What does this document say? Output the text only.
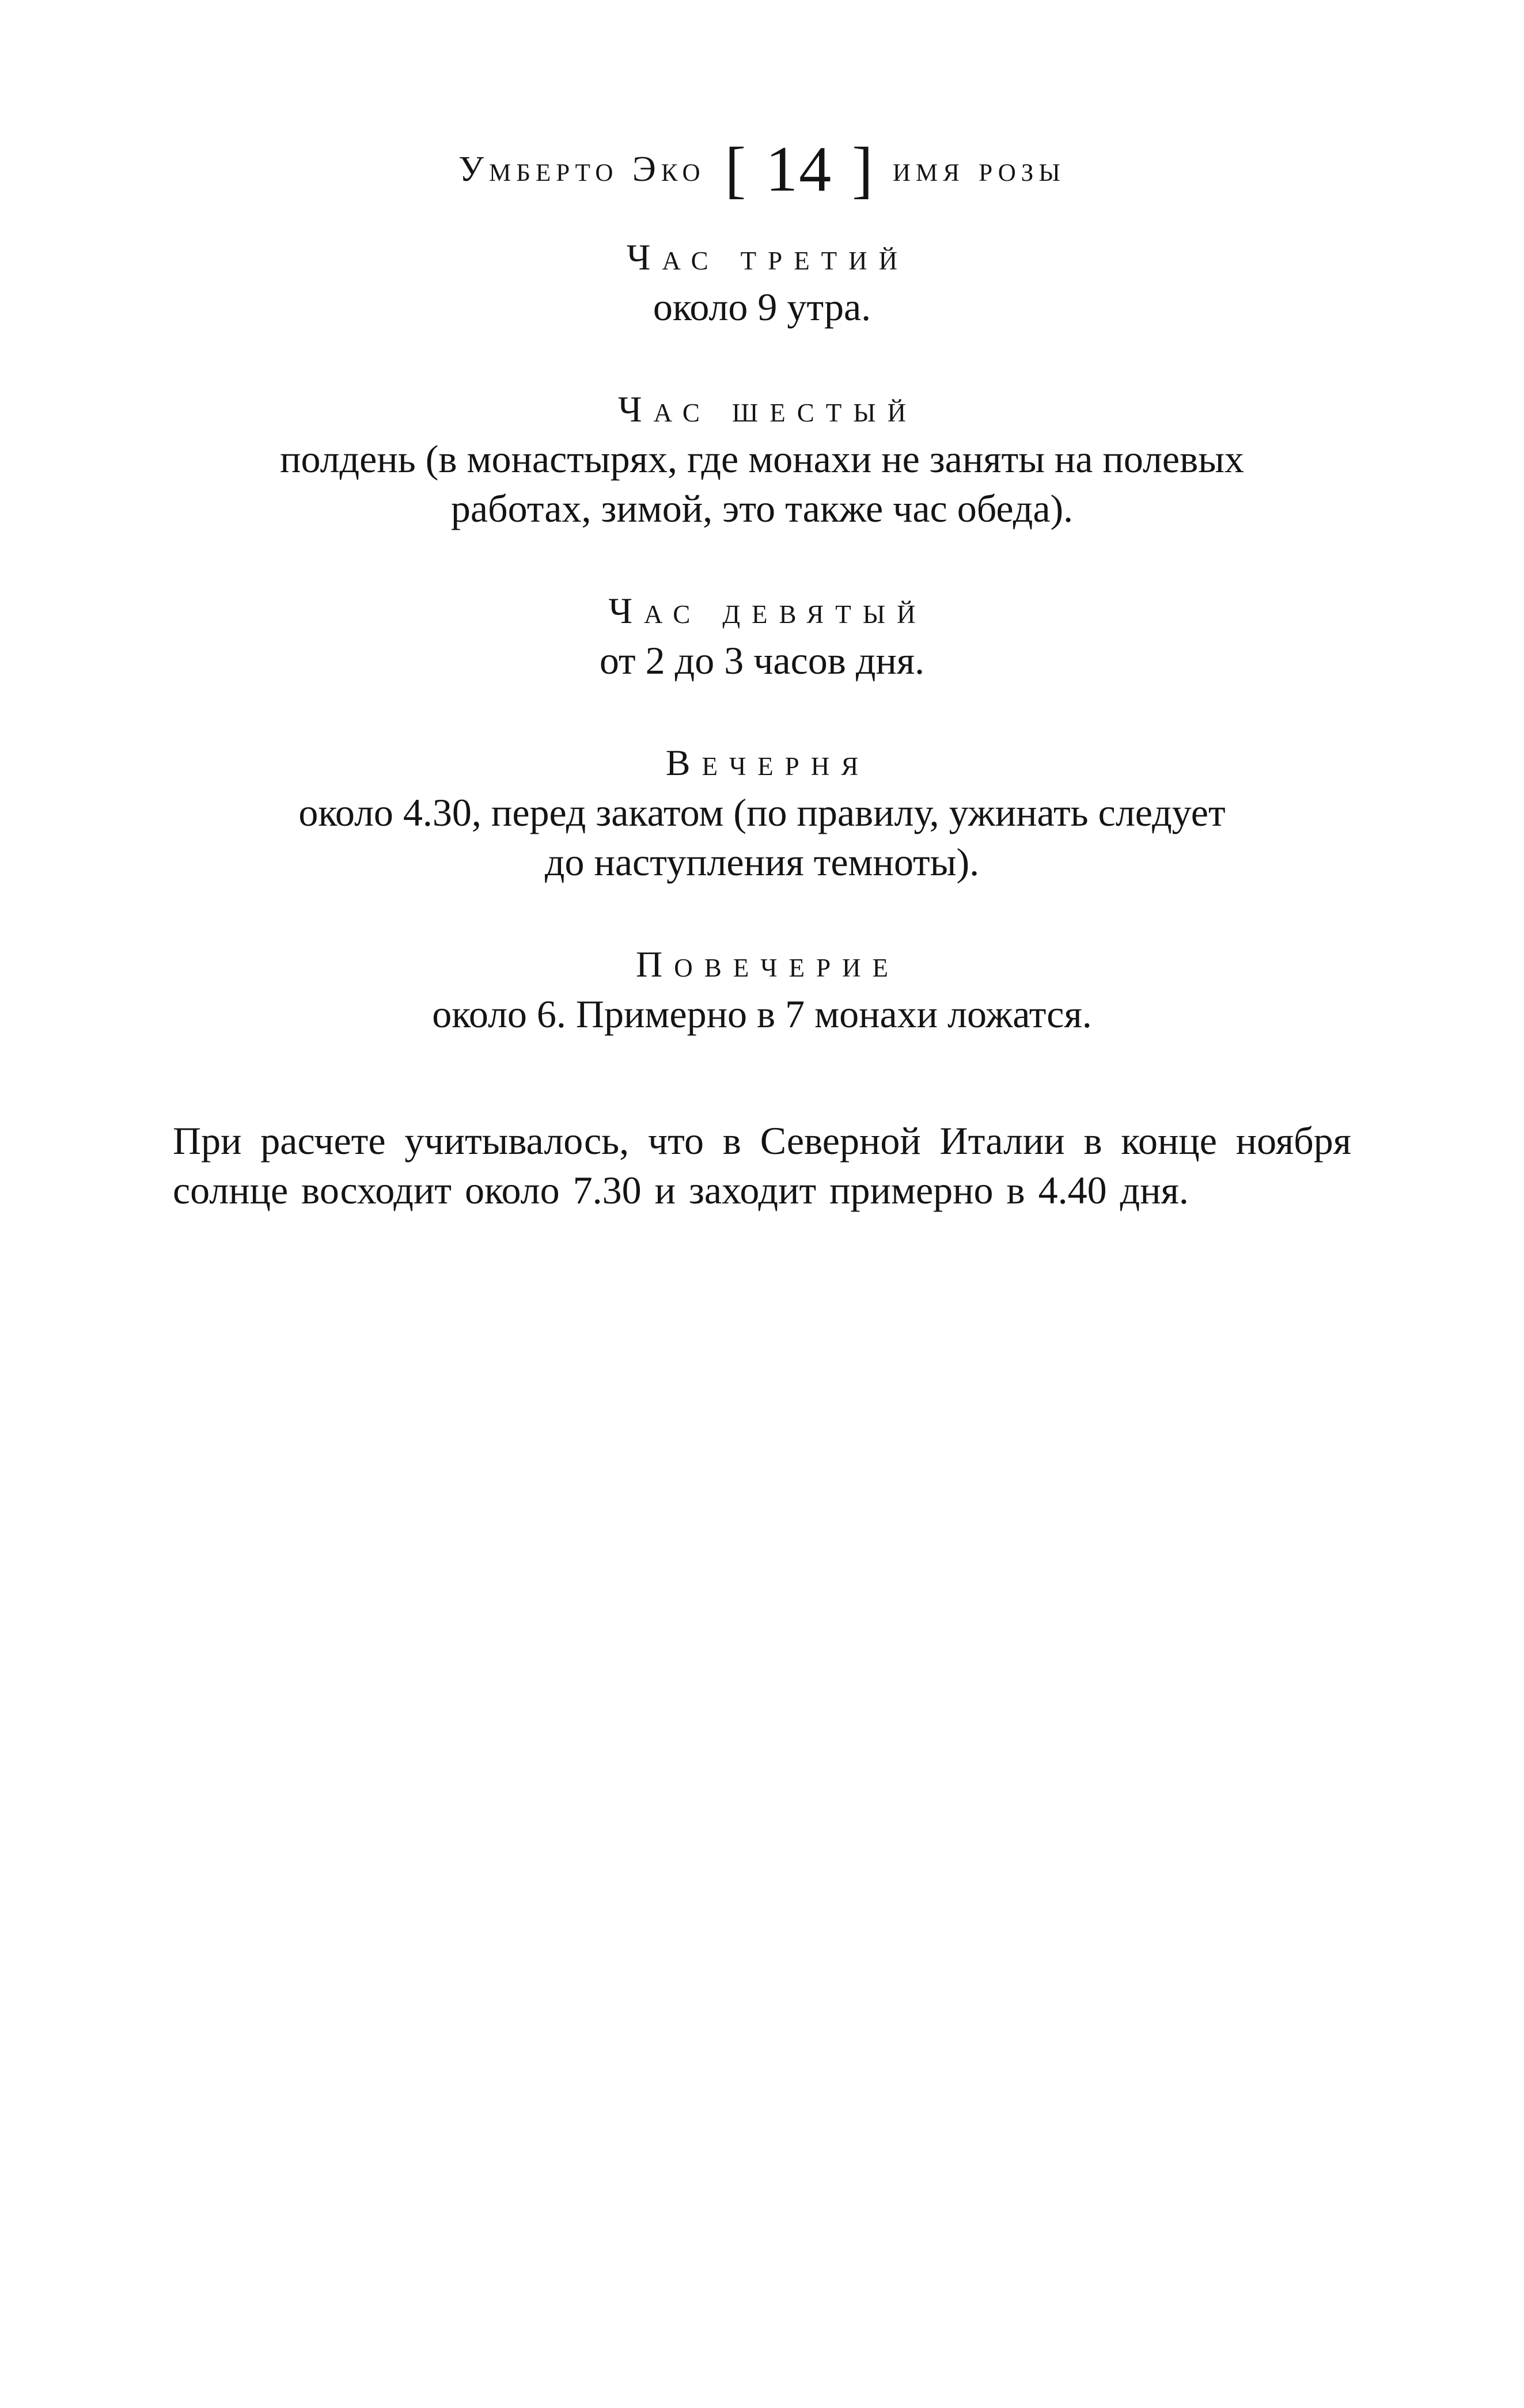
Умберто Эко [ 14 ] имя розы
Час третий
около 9 утра.
Час шестый
полдень (в монастырях, где монахи не заняты на полевых
работах, зимой, это также час обеда).
Час девятый
от 2 до 3 часов дня.
Вечерня
около 4.30, перед закатом (по правилу, ужинать следует
до наступления темноты).
Повечерие
около 6. Примерно в 7 монахи ложатся.

При расчете учитывалось, что в Северной Италии в конце ноября солнце восходит около 7.30 и заходит примерно в 4.40 дня.
